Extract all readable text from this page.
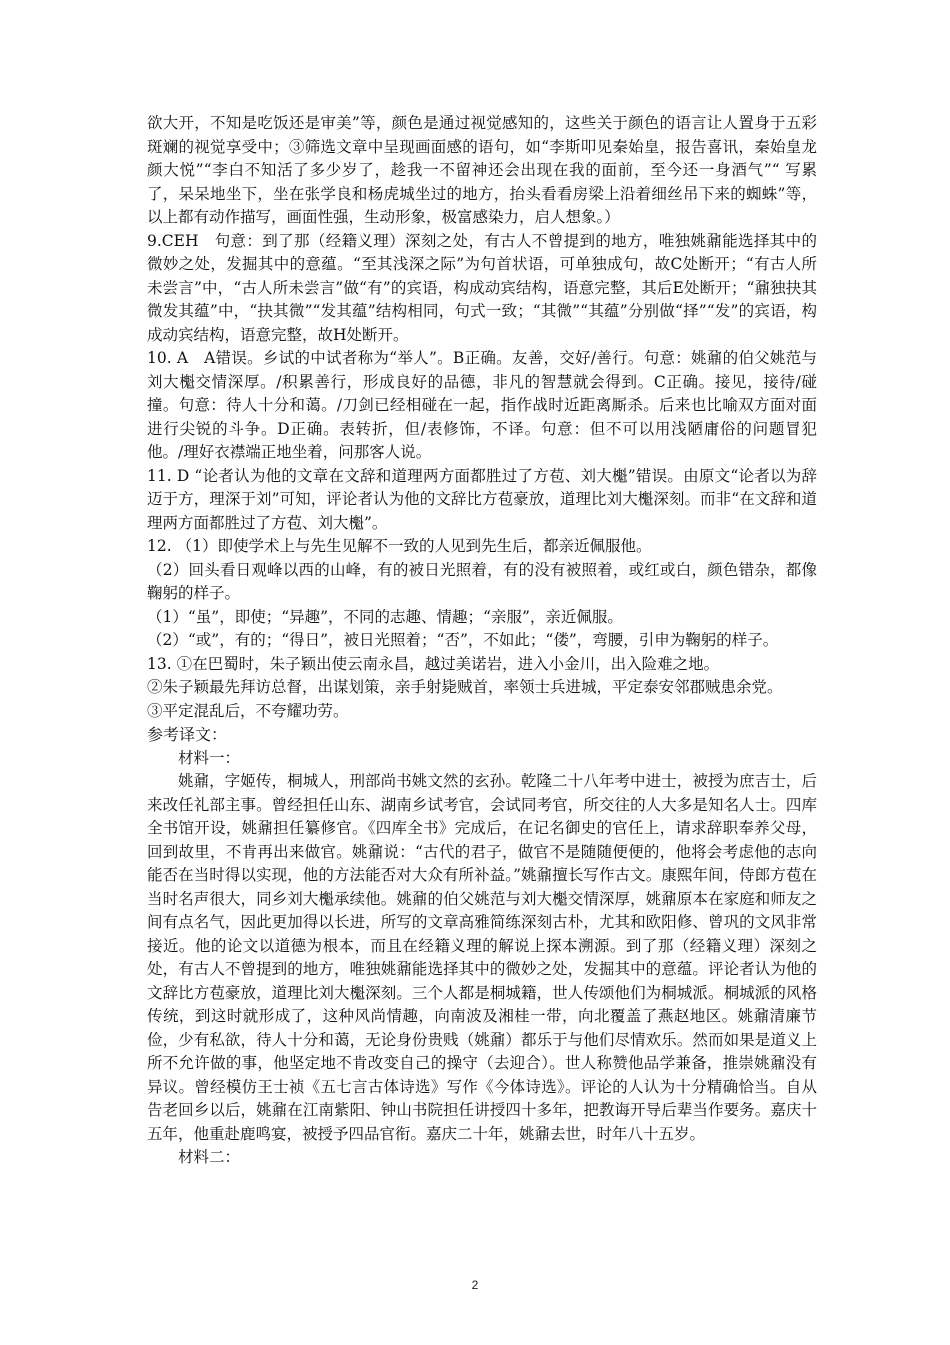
欲大开，不知是吃饭还是审美”等，颜色是通过视觉感知的，这些关于颜色的语言让人置身于五彩斑斓的视觉享受中；③筛选文章中呈现画面感的语句，如“李斯叩见秦始皇，报告喜讯，秦始皇龙颜大悦”“李白不知活了多少岁了，趁我一不留神还会出现在我的面前，至今还一身酒气”“ 写累了，呆呆地坐下，坐在张学良和杨虎城坐过的地方，抬头看看房梁上沿着细丝吊下来的蜘蛛”等，以上都有动作描写，画面性强，生动形象，极富感染力，启人想象。）

9.CEH　句意：到了那（经籍义理）深刻之处，有古人不曾提到的地方，唯独姚鼐能选择其中的微妙之处，发掘其中的意蕴。“至其浅深之际”为句首状语，可单独成句，故C处断开；“有古人所未尝言”中，“古人所未尝言”做“有”的宾语，构成动宾结构，语意完整，其后E处断开；“鼐独抉其微发其蕴”中，“抉其微”“发其蕴”结构相同，句式一致；“其微”“其蕴”分别做“择”“发”的宾语，构成动宾结构，语意完整，故H处断开。

10. A　A错误。乡试的中试者称为“举人”。B正确。友善，交好/善行。句意：姚鼐的伯父姚范与刘大櫆交情深厚。/积累善行，形成良好的品德，非凡的智慧就会得到。C正确。接见，接待/碰撞。句意：待人十分和蔼。/刀剑已经相碰在一起，指作战时近距离厮杀。后来也比喻双方面对面进行尖锐的斗争。D正确。表转折，但/表修饰，不译。句意：但不可以用浅陋庸俗的问题冒犯他。/理好衣襟端正地坐着，问那客人说。

11. D “论者认为他的文章在文辞和道理两方面都胜过了方苞、刘大櫆”错误。由原文“论者以为辞迈于方，理深于刘”可知，评论者认为他的文辞比方苞豪放，道理比刘大櫆深刻。而非“在文辞和道理两方面都胜过了方苞、刘大櫆”。

12. （1）即使学术上与先生见解不一致的人见到先生后，都亲近佩服他。

（2）回头看日观峰以西的山峰，有的被日光照着，有的没有被照着，或红或白，颜色错杂，都像鞠躬的样子。

（1）“虽”，即使；“异趣”，不同的志趣、情趣；“亲服”，亲近佩服。

（2）“或”，有的；“得日”，被日光照着；“否”，不如此；“偻”，弯腰，引申为鞠躬的样子。

13. ①在巴蜀时，朱子颖出使云南永昌，越过美诺岩，进入小金川，出入险难之地。

②朱子颖最先拜访总督，出谋划策，亲手射毙贼首，率领士兵进城，平定泰安邻郡贼患余党。

③平定混乱后，不夸耀功劳。

参考译文：

材料一：

姚鼐，字姬传，桐城人，刑部尚书姚文然的玄孙。乾隆二十八年考中进士，被授为庶吉士，后来改任礼部主事。曾经担任山东、湖南乡试考官，会试同考官，所交往的人大多是知名人士。四库全书馆开设，姚鼐担任纂修官。《四库全书》完成后，在记名御史的官任上，请求辞职奉养父母，回到故里，不肯再出来做官。姚鼐说：“古代的君子，做官不是随随便便的，他将会考虑他的志向能否在当时得以实现，他的方法能否对大众有所补益。”姚鼐擅长写作古文。康熙年间，侍郎方苞在当时名声很大，同乡刘大櫆承续他。姚鼐的伯父姚范与刘大櫆交情深厚，姚鼐原本在家庭和师友之间有点名气，因此更加得以长进，所写的文章高雅简练深刻古朴，尤其和欧阳修、曾巩的文风非常接近。他的论文以道德为根本，而且在经籍义理的解说上探本溯源。到了那（经籍义理）深刻之处，有古人不曾提到的地方，唯独姚鼐能选择其中的微妙之处，发掘其中的意蕴。评论者认为他的文辞比方苞豪放，道理比刘大櫆深刻。三个人都是桐城籍，世人传颂他们为桐城派。桐城派的风格传统，到这时就形成了，这种风尚情趣，向南波及湘桂一带，向北覆盖了燕赵地区。姚鼐清廉节俭，少有私欲，待人十分和蔼，无论身份贵贱（姚鼐）都乐于与他们尽情欢乐。然而如果是道义上所不允许做的事，他坚定地不肯改变自己的操守（去迎合）。世人称赞他品学兼备，推崇姚鼐没有异议。曾经模仿王士祯《五七言古体诗选》写作《今体诗选》。评论的人认为十分精确恰当。自从告老回乡以后，姚鼐在江南紫阳、钟山书院担任讲授四十多年，把教诲开导后辈当作要务。嘉庆十五年，他重赴鹿鸣宴，被授予四品官衔。嘉庆二十年，姚鼐去世，时年八十五岁。

材料二：

2
